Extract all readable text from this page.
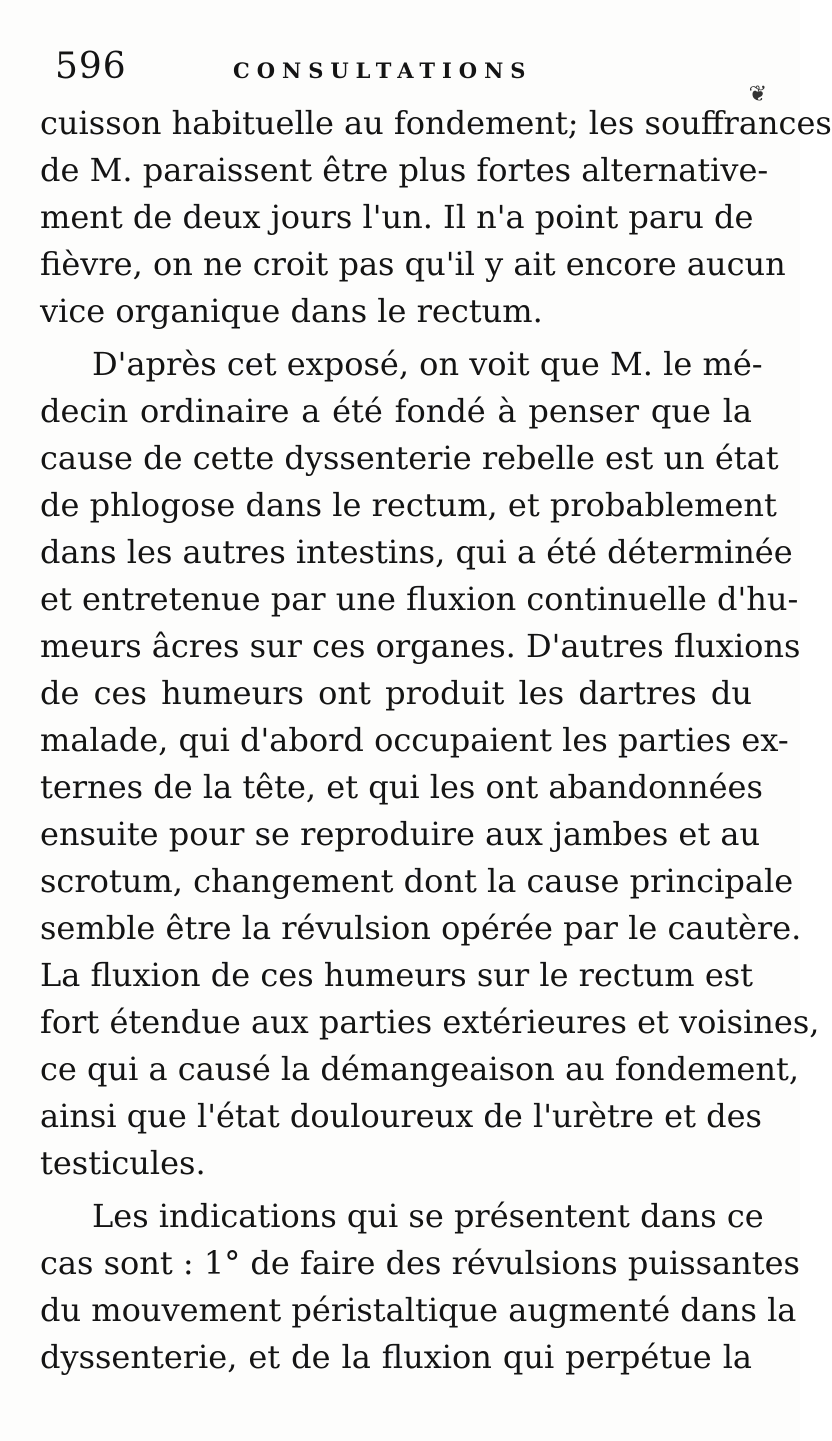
596	CONSULTATIONS
❦
cuisson habituelle au fondement; les souffrances
de M. paraissent être plus fortes alternative-
ment de deux jours l'un. Il n'a point paru de
fièvre, on ne croit pas qu'il y ait encore aucun
vice organique dans le rectum.
D'après cet exposé, on voit que M. le mé-
decin ordinaire a été fondé à penser que la
cause de cette dyssenterie rebelle est un état
de phlogose dans le rectum, et probablement
dans les autres intestins, qui a été déterminée
et entretenue par une fluxion continuelle d'hu-
meurs âcres sur ces organes. D'autres fluxions
de ces humeurs ont produit les dartres du
malade, qui d'abord occupaient les parties ex-
ternes de la tête, et qui les ont abandonnées
ensuite pour se reproduire aux jambes et au
scrotum, changement dont la cause principale
semble être la révulsion opérée par le cautère.
La fluxion de ces humeurs sur le rectum est
fort étendue aux parties extérieures et voisines,
ce qui a causé la démangeaison au fondement,
ainsi que l'état douloureux de l'urètre et des
testicules.
Les indications qui se présentent dans ce
cas sont : 1° de faire des révulsions puissantes
du mouvement péristaltique augmenté dans la
dyssenterie, et de la fluxion qui perpétue la
